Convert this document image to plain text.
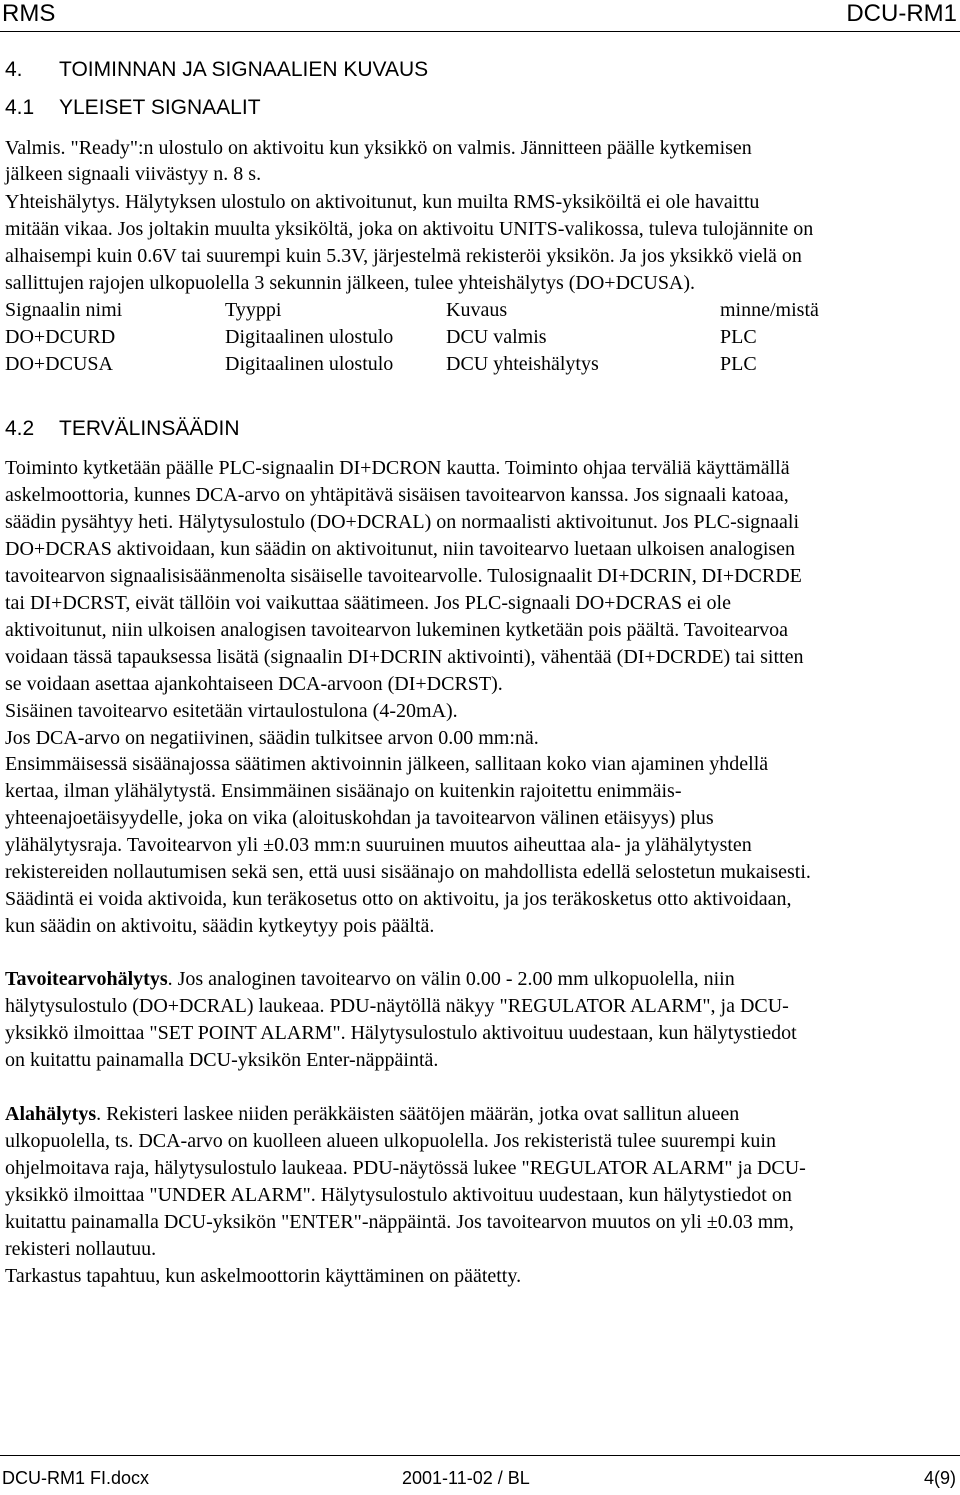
RMS	DCU-RM1
4. TOIMINNAN JA SIGNAALIEN KUVAUS
4.1 YLEISET SIGNAALIT
Valmis. "Ready":n ulostulo on aktivoitu kun yksikkö on valmis. Jännitteen päälle kytkemisen
jälkeen signaali viivästyy n. 8 s.
Yhteishälytys. Hälytyksen ulostulo on aktivoitunut, kun muilta RMS-yksiköiltä ei ole havaittu
mitään vikaa. Jos joltakin muulta yksiköltä, joka on aktivoitu UNITS-valikossa, tuleva tulojännite on
alhaisempi kuin 0.6V tai suurempi kuin 5.3V, järjestelmä rekisteröi yksikön. Ja jos yksikkö vielä on
sallittujen rajojen ulkopuolella 3 sekunnin jälkeen, tulee yhteishälytys (DO+DCUSA).
Signaalin nimi	Tyyppi	Kuvaus	minne/mistä
DO+DCURD	Digitaalinen ulostulo	DCU valmis	PLC
DO+DCUSA	Digitaalinen ulostulo	DCU yhteishälytys	PLC
4.2 TERVÄLINSÄÄDIN
Toiminto kytketään päälle PLC-signaalin DI+DCRON kautta. Toiminto ohjaa terväliä käyttämällä
askelmoottoria, kunnes DCA-arvo on yhtäpitävä sisäisen tavoitearvon kanssa. Jos signaali katoaa,
säädin pysähtyy heti. Hälytysulostulo (DO+DCRAL) on normaalisti aktivoitunut. Jos PLC-signaali
DO+DCRAS aktivoidaan, kun säädin on aktivoitunut, niin tavoitearvo luetaan ulkoisen analogisen
tavoitearvon signaalisisäänmenolta sisäiselle tavoitearvolle. Tulosignaalit DI+DCRIN, DI+DCRDE
tai DI+DCRST, eivät tällöin voi vaikuttaa säätimeen. Jos PLC-signaali DO+DCRAS ei ole
aktivoitunut, niin ulkoisen analogisen tavoitearvon lukeminen kytketään pois päältä. Tavoitearvoa
voidaan tässä tapauksessa lisätä (signaalin DI+DCRIN aktivointi), vähentää (DI+DCRDE) tai sitten
se voidaan asettaa ajankohtaiseen DCA-arvoon (DI+DCRST).
Sisäinen tavoitearvo esitetään virtaulostulona (4-20mA).
Jos DCA-arvo on negatiivinen, säädin tulkitsee arvon 0.00 mm:nä.
Ensimmäisessä sisäänajossa säätimen aktivoinnin jälkeen, sallitaan koko vian ajaminen yhdellä
kertaa, ilman ylähälytystä. Ensimmäinen sisäänajo on kuitenkin rajoitettu enimmäis-
yhteenajoetäisyydelle, joka on vika (aloituskohdan ja tavoitearvon välinen etäisyys) plus
ylähälytysraja. Tavoitearvon yli ±0.03 mm:n suuruinen muutos aiheuttaa ala- ja ylähälytysten
rekistereiden nollautumisen sekä sen, että uusi sisäänajo on mahdollista edellä selostetun mukaisesti.
Säädintä ei voida aktivoida, kun teräkosetus otto on aktivoitu, ja jos teräkosketus otto aktivoidaan,
kun säädin on aktivoitu, säädin kytkeytyy pois päältä.
Tavoitearvohälytys. Jos analoginen tavoitearvo on välin 0.00 - 2.00 mm ulkopuolella, niin
hälytysulostulo (DO+DCRAL) laukeaa. PDU-näytöllä näkyy "REGULATOR ALARM", ja DCU-
yksikkö ilmoittaa "SET POINT ALARM". Hälytysulostulo aktivoituu uudestaan, kun hälytystiedot
on kuitattu painamalla DCU-yksikön Enter-näppäintä.
Alahälytys. Rekisteri laskee niiden peräkkäisten säätöjen määrän, jotka ovat sallitun alueen
ulkopuolella, ts. DCA-arvo on kuolleen alueen ulkopuolella. Jos rekisteristä tulee suurempi kuin
ohjelmoitava raja, hälytysulostulo laukeaa. PDU-näytössä lukee "REGULATOR ALARM" ja DCU-
yksikkö ilmoittaa "UNDER ALARM". Hälytysulostulo aktivoituu uudestaan, kun hälytystiedot on
kuitattu painamalla DCU-yksikön "ENTER"-näppäintä. Jos tavoitearvon muutos on yli ±0.03 mm,
rekisteri nollautuu.
Tarkastus tapahtuu, kun askelmoottorin käyttäminen on päätetty.
DCU-RM1 FI.docx	2001-11-02 / BL	4(9)
